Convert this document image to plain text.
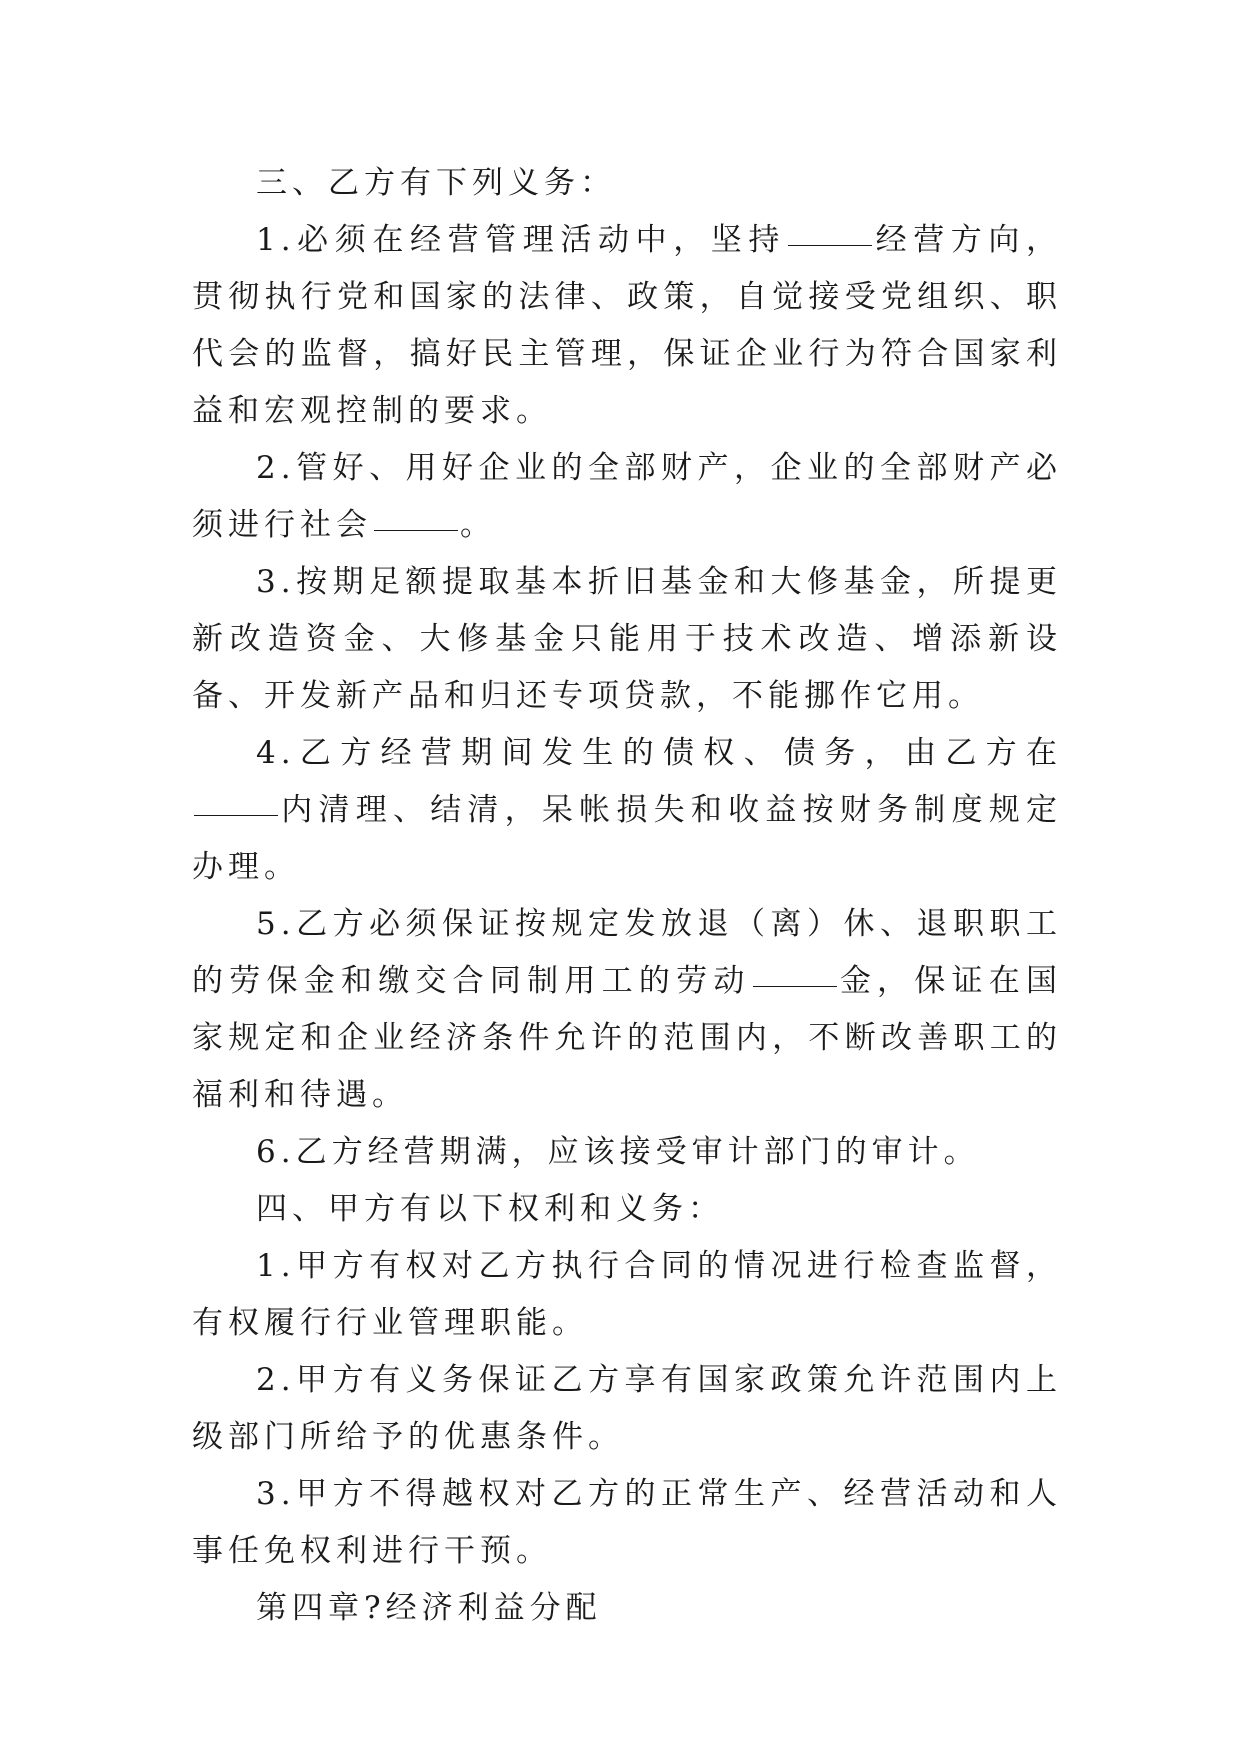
三、乙方有下列义务：

1.必须在经营管理活动中，坚持	经营方向，贯彻执行党和国家的法律、政策，自觉接受党组织、职代会的监督，搞好民主管理，保证企业行为符合国家利益和宏观控制的要求。

2.管好、用好企业的全部财产，企业的全部财产必须进行社会	。

3.按期足额提取基本折旧基金和大修基金，所提更新改造资金、大修基金只能用于技术改造、增添新设备、开发新产品和归还专项贷款，不能挪作它用。

4.乙方经营期间发生的债权、债务，由乙方在内清理、结清，呆帐损失和收益按财务制度规定办理。

5.乙方必须保证按规定发放退（离）休、退职职工的劳保金和缴交合同制用工的劳动	金，保证在国家规定和企业经济条件允许的范围内，不断改善职工的福利和待遇。

6.乙方经营期满，应该接受审计部门的审计。

四、甲方有以下权利和义务：

1.甲方有权对乙方执行合同的情况进行检查监督，有权履行行业管理职能。

2.甲方有义务保证乙方享有国家政策允许范围内上级部门所给予的优惠条件。

3.甲方不得越权对乙方的正常生产、经营活动和人事任免权利进行干预。

第四章?经济利益分配
